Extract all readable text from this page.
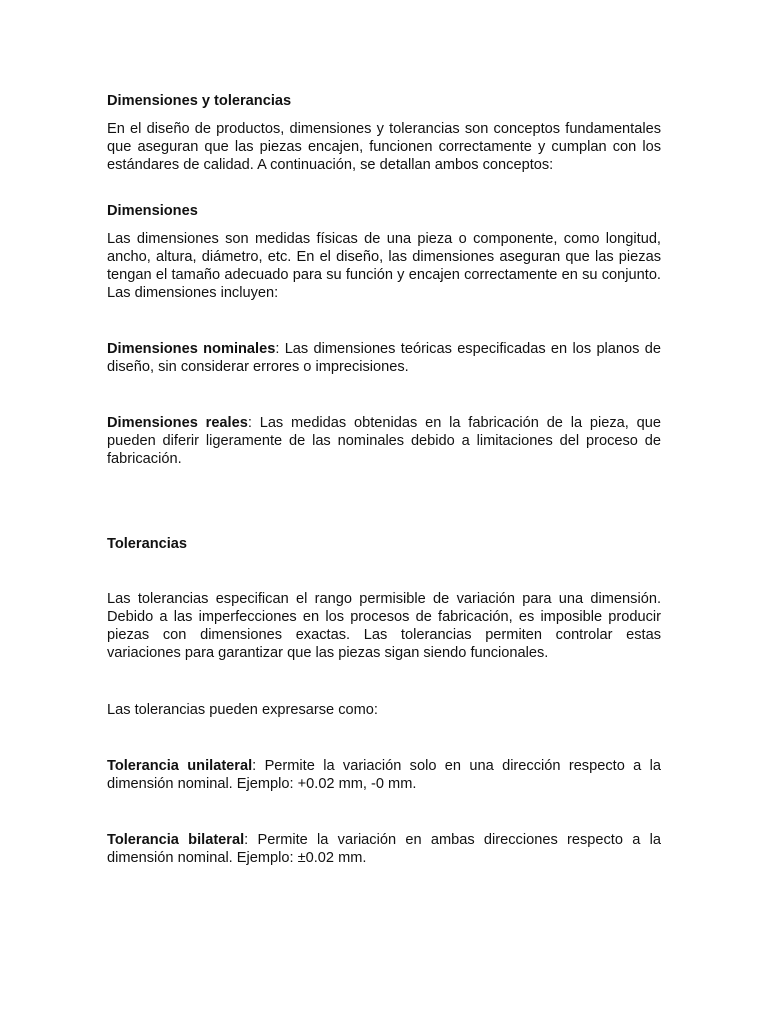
Dimensiones y tolerancias

En el diseño de productos, dimensiones y tolerancias son conceptos fundamentales que aseguran que las piezas encajen, funcionen correctamente y cumplan con los estándares de calidad. A continuación, se detallan ambos conceptos:

Dimensiones

Las dimensiones son medidas físicas de una pieza o componente, como longitud, ancho, altura, diámetro, etc. En el diseño, las dimensiones aseguran que las piezas tengan el tamaño adecuado para su función y encajen correctamente en su conjunto. Las dimensiones incluyen:

Dimensiones nominales: Las dimensiones teóricas especificadas en los planos de diseño, sin considerar errores o imprecisiones.

Dimensiones reales: Las medidas obtenidas en la fabricación de la pieza, que pueden diferir ligeramente de las nominales debido a limitaciones del proceso de fabricación.

Tolerancias

Las tolerancias especifican el rango permisible de variación para una dimensión. Debido a las imperfecciones en los procesos de fabricación, es imposible producir piezas con dimensiones exactas. Las tolerancias permiten controlar estas variaciones para garantizar que las piezas sigan siendo funcionales.

Las tolerancias pueden expresarse como:

Tolerancia unilateral: Permite la variación solo en una dirección respecto a la dimensión nominal. Ejemplo: +0.02 mm, -0 mm.

Tolerancia bilateral: Permite la variación en ambas direcciones respecto a la dimensión nominal. Ejemplo: ±0.02 mm.
